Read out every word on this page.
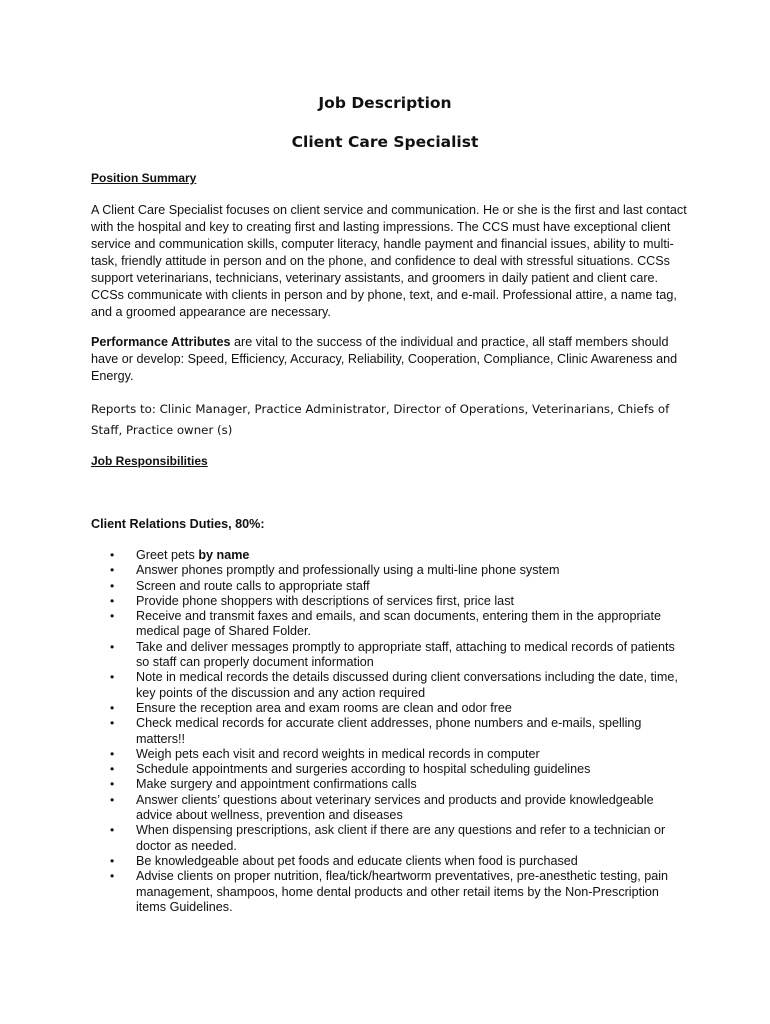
Job Description
Client Care Specialist
Position Summary

A Client Care Specialist focuses on client service and communication. He or she is the first and last contact with the hospital and key to creating first and lasting impressions. The CCS must have exceptional client service and communication skills, computer literacy, handle payment and financial issues, ability to multi-task, friendly attitude in person and on the phone, and confidence to deal with stressful situations. CCSs support veterinarians, technicians, veterinary assistants, and groomers in daily patient and client care. CCSs communicate with clients in person and by phone, text, and e-mail. Professional attire, a name tag, and a groomed appearance are necessary.

Performance Attributes are vital to the success of the individual and practice, all staff members should have or develop: Speed, Efficiency, Accuracy, Reliability, Cooperation, Compliance, Clinic Awareness and Energy.

Reports to: Clinic Manager, Practice Administrator, Director of Operations, Veterinarians, Chiefs of Staff, Practice owner (s)

Job Responsibilities
Client Relations Duties, 80%:
• Greet pets by name
• Answer phones promptly and professionally using a multi-line phone system
• Screen and route calls to appropriate staff
• Provide phone shoppers with descriptions of services first, price last
• Receive and transmit faxes and emails, and scan documents, entering them in the appropriate medical page of Shared Folder.
• Take and deliver messages promptly to appropriate staff, attaching to medical records of patients so staff can properly document information
• Note in medical records the details discussed during client conversations including the date, time, key points of the discussion and any action required
• Ensure the reception area and exam rooms are clean and odor free
• Check medical records for accurate client addresses, phone numbers and e-mails, spelling matters!!
• Weigh pets each visit and record weights in medical records in computer
• Schedule appointments and surgeries according to hospital scheduling guidelines
• Make surgery and appointment confirmations calls
• Answer clients’ questions about veterinary services and products and provide knowledgeable advice about wellness, prevention and diseases
• When dispensing prescriptions, ask client if there are any questions and refer to a technician or doctor as needed.
• Be knowledgeable about pet foods and educate clients when food is purchased
• Advise clients on proper nutrition, flea/tick/heartworm preventatives, pre-anesthetic testing, pain management, shampoos, home dental products and other retail items by the Non-Prescription items Guidelines.
